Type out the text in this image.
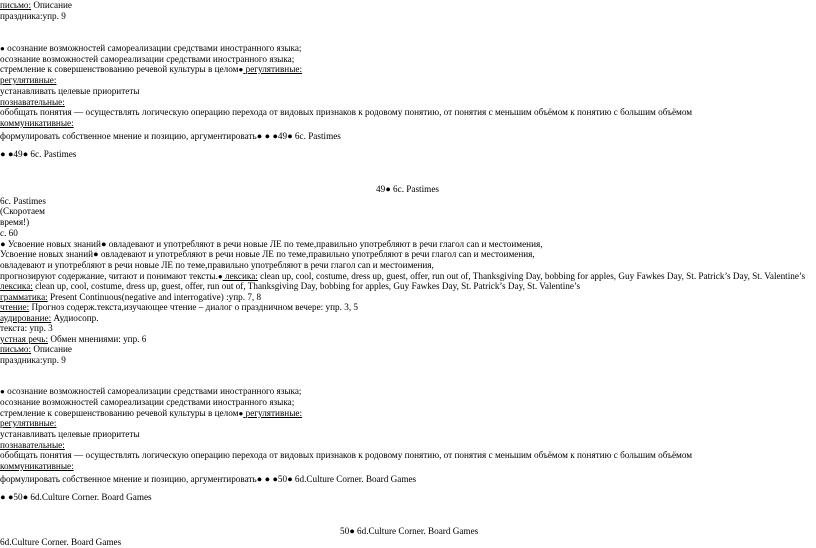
письмо: Описание
праздника:упр. 9
● осознание возможностей самореализации средствами иностранного языка;
осознание возможностей самореализации средствами иностранного языка;
стремление к совершенствованию речевой культуры в целом● регулятивные:
регулятивные:
устанавливать целевые приоритеты
познавательные:
обобщать понятия — осуществлять логическую операцию перехода от видовых признаков к родовому понятию, от понятия с меньшим объёмом к понятию с большим объёмом
коммуникативные:
формулировать собственное мнение и позицию, аргументировать● ● ●49● 6с. Pastimes
● ●49● 6с. Pastimes
49● 6с. Pastimes
6с. Pastimes
(Скоротаем
время!)
с. 60
● Усвоение новых знаний● овладевают и употребляют в речи новые ЛЕ по теме,правильно употребляют в речи глагол can и местоимения,
Усвоение новых знаний● овладевают и употребляют в речи новые ЛЕ по теме,правильно употребляют в речи глагол can и местоимения,
овладевают и употребляют в речи новые ЛЕ по теме,правильно употребляют в речи глагол can и местоимения,
прогнозируют содержание, читают и понимают тексты.● лексика: clean up, cool, costume, dress up, guest, offer, run out of, Thanksgiving Day, bobbing for apples, Guy Fawkes Day, St. Patrick’s Day, St. Valentine’s
лексика: clean up, cool, costume, dress up, guest, offer, run out of, Thanksgiving Day, bobbing for apples, Guy Fawkes Day, St. Patrick’s Day, St. Valentine’s
грамматика: Present Continuous(negative and interrogative) :упр. 7, 8
чтение: Прогноз содерж.текста,изучающее чтение – диалог о праздничном вечере: упр. 3, 5
аудирование: Аудиосопр.
текста: упр. 3
устная речь: Обмен мнениями: упр. 6
письмо: Описание
праздника:упр. 9
● осознание возможностей самореализации средствами иностранного языка;
осознание возможностей самореализации средствами иностранного языка;
стремление к совершенствованию речевой культуры в целом● регулятивные:
регулятивные:
устанавливать целевые приоритеты
познавательные:
обобщать понятия — осуществлять логическую операцию перехода от видовых признаков к родовому понятию, от понятия с меньшим объёмом к понятию с большим объёмом
коммуникативные:
формулировать собственное мнение и позицию, аргументировать● ● ●50● 6d.Culture Corner. Board Games
● ●50● 6d.Culture Corner. Board Games
50● 6d.Culture Corner. Board Games
6d.Culture Corner. Board Games
